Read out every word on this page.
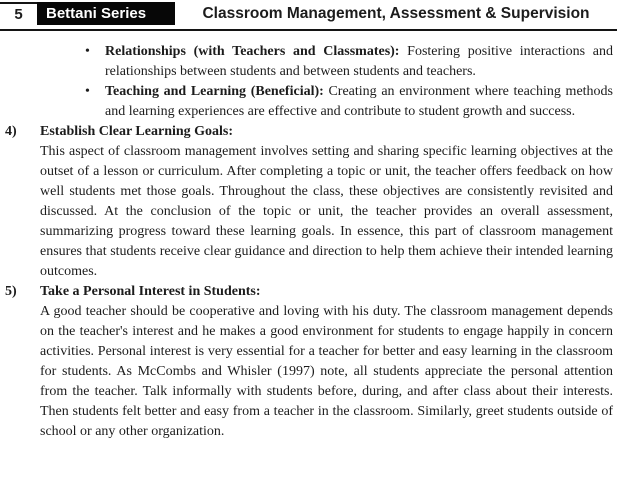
5	Bettani Series	Classroom Management, Assessment & Supervision
•	Relationships (with Teachers and Classmates): Fostering positive interactions and relationships between students and between students and teachers.

•	Teaching and Learning (Beneficial): Creating an environment where teaching methods and learning experiences are effective and contribute to student growth and success.

4)	Establish Clear Learning Goals:

This aspect of classroom management involves setting and sharing specific learning objectives at the outset of a lesson or curriculum. After completing a topic or unit, the teacher offers feedback on how well students met those goals. Throughout the class, these objectives are consistently revisited and discussed. At the conclusion of the topic or unit, the teacher provides an overall assessment, summarizing progress toward these learning goals. In essence, this part of classroom management ensures that students receive clear guidance and direction to help them achieve their intended learning outcomes.

5)	Take a Personal Interest in Students:

A good teacher should be cooperative and loving with his duty. The classroom management depends on the teacher's interest and he makes a good environment for students to engage happily in concern activities. Personal interest is very essential for a teacher for better and easy learning in the classroom for students. As McCombs and Whisler (1997) note, all students appreciate the personal attention from the teacher. Talk informally with students before, during, and after class about their interests. Then students felt better and easy from a teacher in the classroom. Similarly, greet students outside of school or any other organization.
